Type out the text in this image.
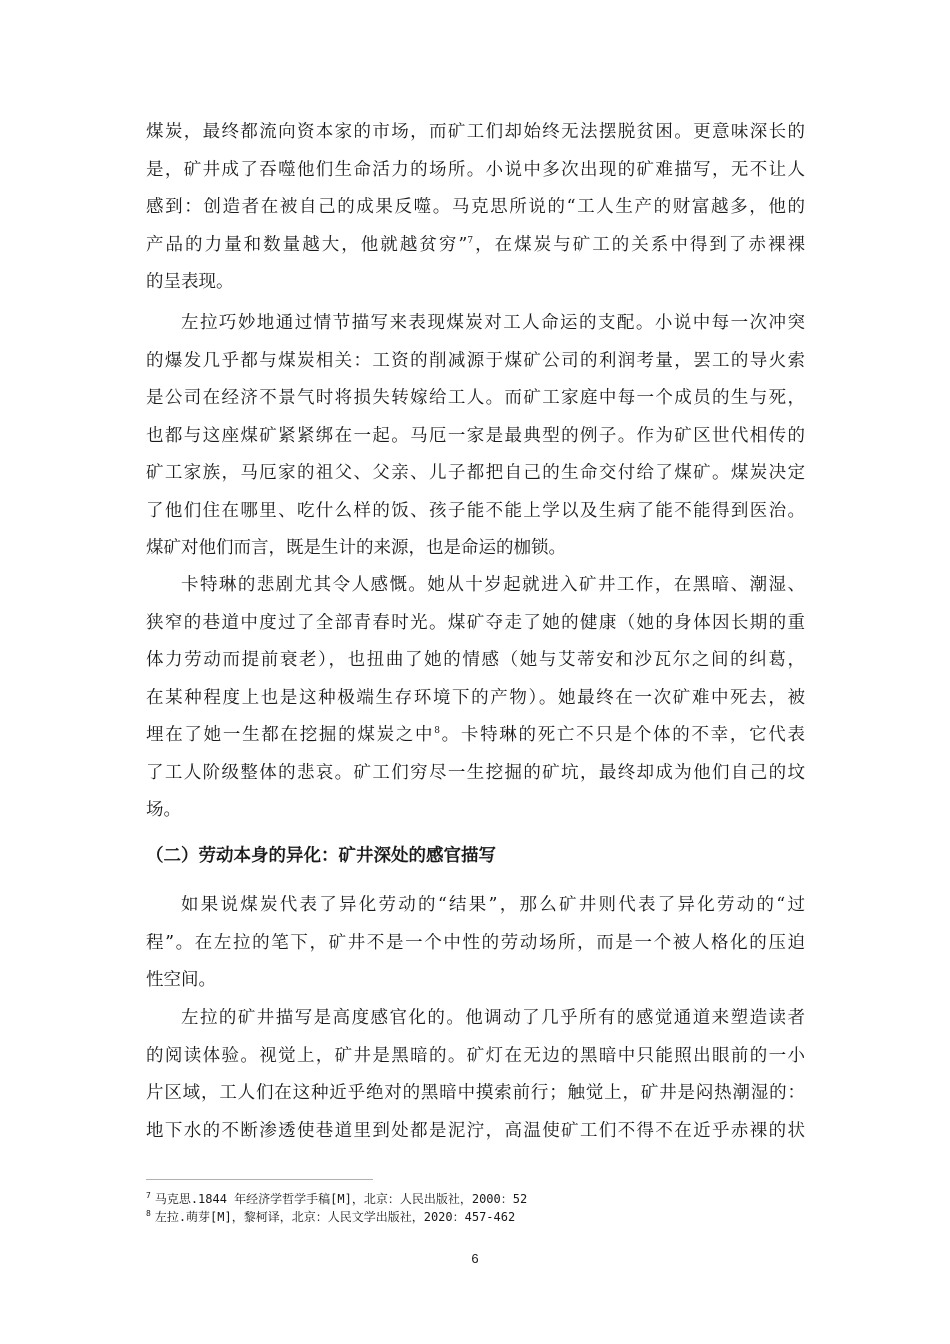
煤炭，最终都流向资本家的市场，而矿工们却始终无法摆脱贫困。更意味深长的
是，矿井成了吞噬他们生命活力的场所。小说中多次出现的矿难描写，无不让人
感到：创造者在被自己的成果反噬。马克思所说的“工人生产的财富越多，他的
产品的力量和数量越大，他就越贫穷”$^7$，在煤炭与矿工的关系中得到了赤裸裸
的呈表现。
左拉巧妙地通过情节描写来表现煤炭对工人命运的支配。小说中每一次冲突
的爆发几乎都与煤炭相关：工资的削减源于煤矿公司的利润考量，罢工的导火索
是公司在经济不景气时将损失转嫁给工人。而矿工家庭中每一个成员的生与死，
也都与这座煤矿紧紧绑在一起。马厄一家是最典型的例子。作为矿区世代相传的
矿工家族，马厄家的祖父、父亲、儿子都把自己的生命交付给了煤矿。煤炭决定
了他们住在哪里、吃什么样的饭、孩子能不能上学以及生病了能不能得到医治。
煤矿对他们而言，既是生计的来源，也是命运的枷锁。
卡特琳的悲剧尤其令人感慨。她从十岁起就进入矿井工作，在黑暗、潮湿、
狭窄的巷道中度过了全部青春时光。煤矿夺走了她的健康（她的身体因长期的重
体力劳动而提前衰老），也扭曲了她的情感（她与艾蒂安和沙瓦尔之间的纠葛，
在某种程度上也是这种极端生存环境下的产物）。她最终在一次矿难中死去，被
埋在了她一生都在挖掘的煤炭之中$^8$。卡特琳的死亡不只是个体的不幸，它代表
了工人阶级整体的悲哀。矿工们穷尽一生挖掘的矿坑，最终却成为他们自己的坟
场。
（二）劳动本身的异化：矿井深处的感官描写
如果说煤炭代表了异化劳动的“结果”，那么矿井则代表了异化劳动的“过
程”。在左拉的笔下，矿井不是一个中性的劳动场所，而是一个被人格化的压迫
性空间。
左拉的矿井描写是高度感官化的。他调动了几乎所有的感觉通道来塑造读者
的阅读体验。视觉上，矿井是黑暗的。矿灯在无边的黑暗中只能照出眼前的一小
片区域，工人们在这种近乎绝对的黑暗中摸索前行；触觉上，矿井是闷热潮湿的：
地下水的不断渗透使巷道里到处都是泥泞，高温使矿工们不得不在近乎赤裸的状
$^7$ 马克思.1844 年经济学哲学手稿[M]，北京：人民出版社，2000：52
$^8$ 左拉.萌芽[M]，黎柯译，北京：人民文学出版社，2020：457-462
6
